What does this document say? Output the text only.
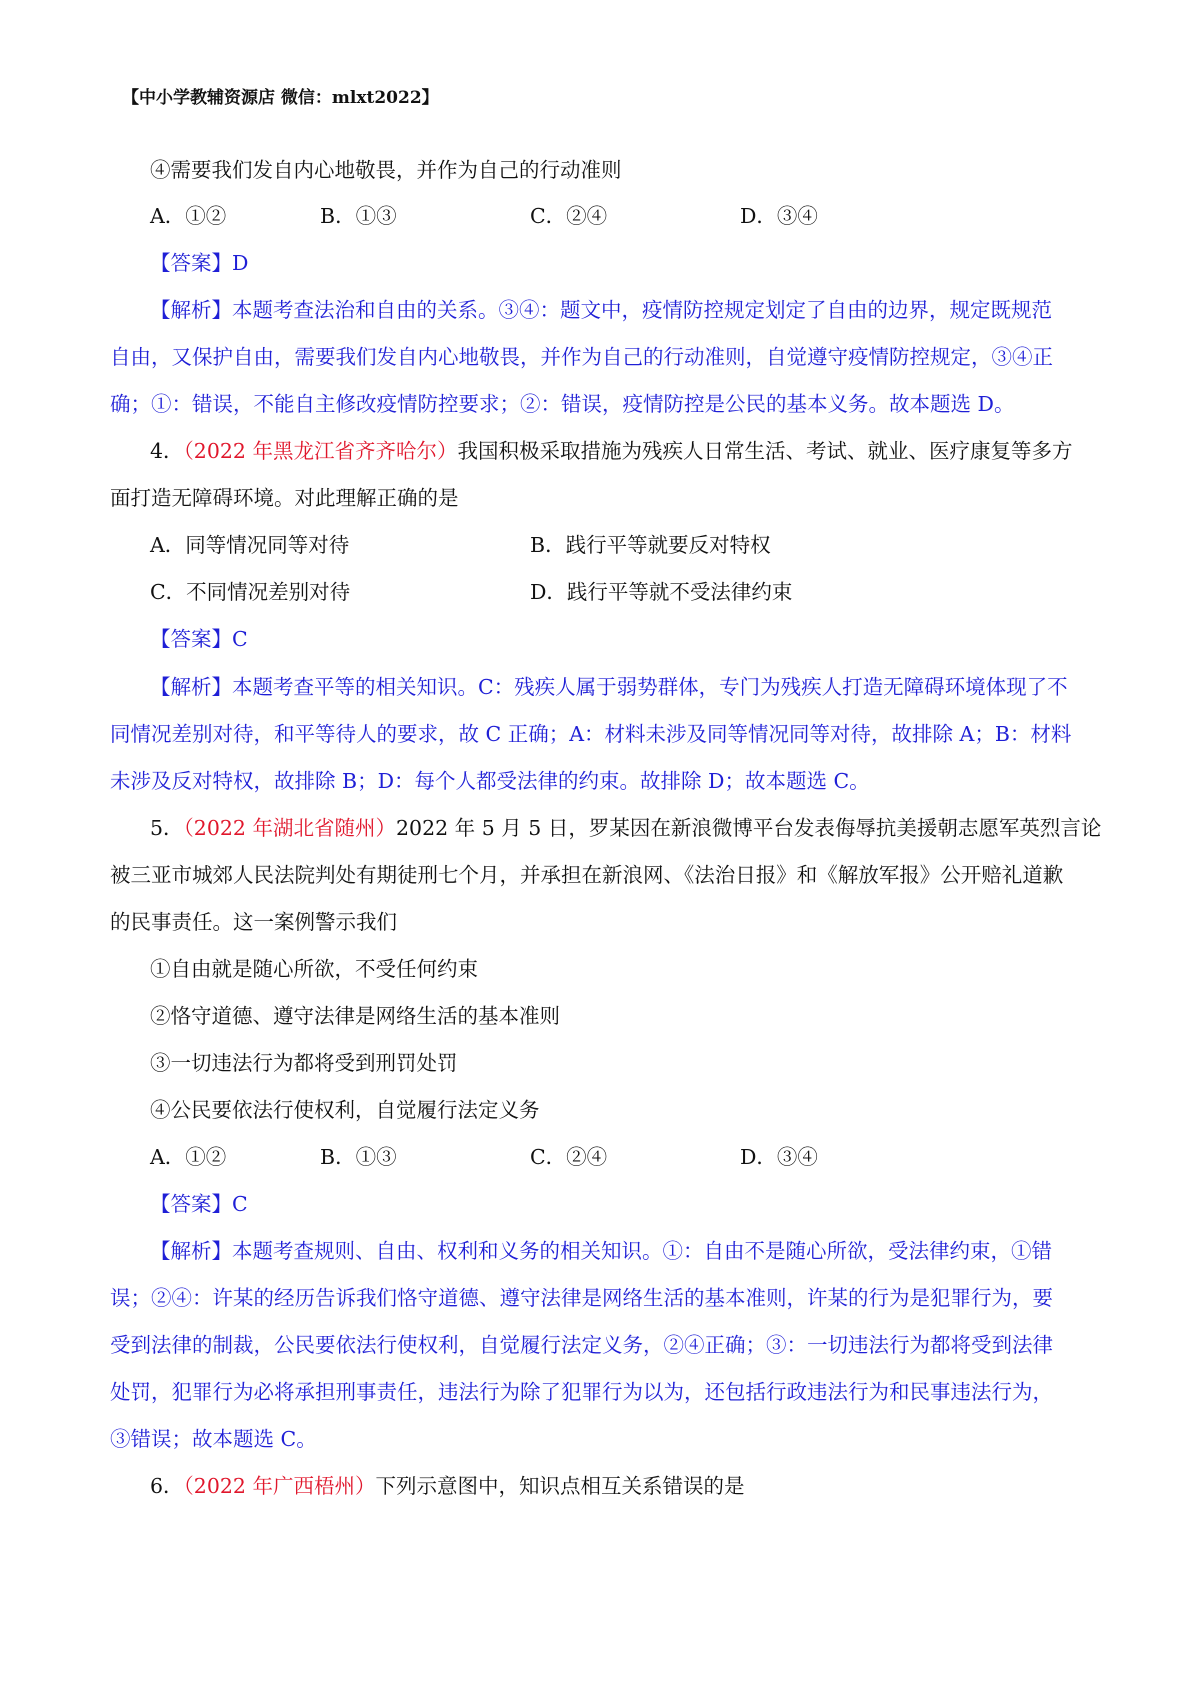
【中小学教辅资源店 微信：mlxt2022】
④需要我们发自内心地敬畏，并作为自己的行动准则
A．①②	B．①③	C．②④	D．③④
【答案】D
【解析】本题考查法治和自由的关系。③④：题文中，疫情防控规定划定了自由的边界，规定既规范
自由，又保护自由，需要我们发自内心地敬畏，并作为自己的行动准则，自觉遵守疫情防控规定，③④正
确；①：错误，不能自主修改疫情防控要求；②：错误，疫情防控是公民的基本义务。故本题选 D。
4．（2022 年黑龙江省齐齐哈尔）我国积极采取措施为残疾人日常生活、考试、就业、医疗康复等多方
面打造无障碍环境。对此理解正确的是
A．同等情况同等对待	B．践行平等就要反对特权
C．不同情况差别对待	D．践行平等就不受法律约束
【答案】C
【解析】本题考查平等的相关知识。C：残疾人属于弱势群体，专门为残疾人打造无障碍环境体现了不
同情况差别对待，和平等待人的要求，故 C 正确；A：材料未涉及同等情况同等对待，故排除 A；B：材料
未涉及反对特权，故排除 B；D：每个人都受法律的约束。故排除 D；故本题选 C。
5．（2022 年湖北省随州）2022 年 5 月 5 日，罗某因在新浪微博平台发表侮辱抗美援朝志愿军英烈言论
被三亚市城郊人民法院判处有期徒刑七个月，并承担在新浪网、《法治日报》和《解放军报》公开赔礼道歉
的民事责任。这一案例警示我们
①自由就是随心所欲，不受任何约束
②恪守道德、遵守法律是网络生活的基本准则
③一切违法行为都将受到刑罚处罚
④公民要依法行使权利，自觉履行法定义务
A．①②	B．①③	C．②④	D．③④
【答案】C
【解析】本题考查规则、自由、权利和义务的相关知识。①：自由不是随心所欲，受法律约束，①错
误；②④：许某的经历告诉我们恪守道德、遵守法律是网络生活的基本准则，许某的行为是犯罪行为，要
受到法律的制裁，公民要依法行使权利，自觉履行法定义务，②④正确；③：一切违法行为都将受到法律
处罚，犯罪行为必将承担刑事责任，违法行为除了犯罪行为以为，还包括行政违法行为和民事违法行为，
③错误；故本题选 C。
6．（2022 年广西梧州）下列示意图中，知识点相互关系错误的是
